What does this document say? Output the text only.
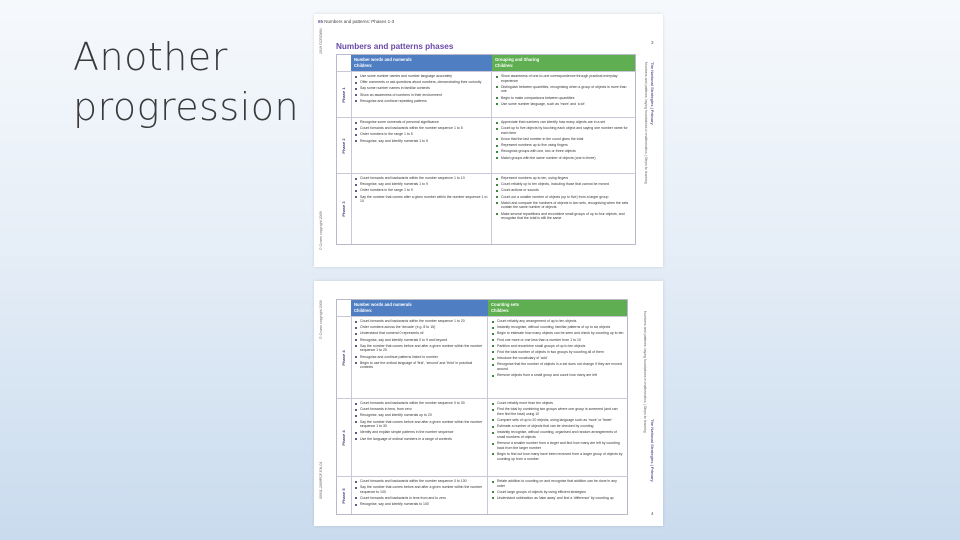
Another progression
65 Numbers and patterns: Phases 1-3
2019 ©CROWN
© Crown copyright 2009
The National Strategies | Primary
Numbers and patterns: laying foundations in mathematics | Steps to learning
3
Numbers and patterns phases
Number words and numerals
Children:
Grouping and Sharing
Children:
Phase 1
Use some number names and number language accurately
Offer comments or ask questions about numbers, demonstrating their curiosity
Say some number names in familiar contexts
Show an awareness of numbers in their environment
Recognise and continue repeating patterns
Show awareness of one-to-one correspondence through practical everyday experience
Distinguish between quantities, recognising when a group of objects is more than one
Begin to make comparisons between quantities
Use some number language, such as 'more' and 'a lot'
Phase 2
Recognise some numerals of personal significance
Count forwards and backwards within the number sequence 1 to 5
Order numbers in the range 1 to 5
Recognise, say and identify numerals 1 to 5
Appreciate that numbers can identify how many objects are in a set
Count up to five objects by touching each object and saying one number name for each item
Know that the last number in the count gives the total
Represent numbers up to five using fingers
Recognise groups with one, two or three objects
Match groups with the same number of objects (one to three)
Phase 3
Count forwards and backwards within the number sequence 1 to 10
Recognise, say and identify numerals 1 to 9
Order numbers in the range 1 to 9
Say the number that comes after a given number within the number sequence 1 to 10
Represent numbers up to ten, using fingers
Count reliably up to ten objects, including those that cannot be moved
Count actions or sounds
Count out a smaller number of objects (up to five) from a larger group
Match and compare the numbers of objects in two sets, recognising when the sets contain the same number of objects
Make several repartitions and recombine small groups of up to four objects, and recognise that the total is still the same
© Crown copyright 2009
00911-2009PDF-EN-01
Numbers and patterns: laying foundations in mathematics | Steps to learning
The National Strategies | Primary
4
Number words and numerals
Children:
Counting sets
Children:
Phase 4
Count forwards and backwards within the number sequence 1 to 20
Order numbers across the 'decade' (e.g. 8 to 15)
Understand that numeral 0 represents nil
Recognise, say and identify numerals 0 to 9 and beyond
Say the number that comes before and after a given number within the number sequence 1 to 20
Recognise and continue patterns linked to number
Begin to use the ordinal language of 'first', 'second' and 'third' in practical contexts
Count reliably any arrangement of up to ten objects
Instantly recognise, without counting, familiar patterns of up to six objects
Begin to estimate how many objects can be seen and check by counting up to ten
Find one more or one less than a number from 1 to 10
Partition and recombine small groups of up to ten objects
Find the total number of objects in two groups by counting all of them
Introduce the vocabulary of 'add'
Recognise that the number of objects in a set does not change if they are moved around
Remove objects from a small group and count how many are left
Phase 4
Count forwards and backwards within the number sequence 0 to 30
Count forwards in tens, from zero
Recognise, say and identify numerals up to 20
Say the number that comes before and after a given number within the number sequence 1 to 30
Identify and explain simple patterns in the number sequence
Use the language of ordinal numbers in a range of contexts
Count reliably more than ten objects
Find the total by combining two groups where one group is screened (and can then find the total) using 10
Compare sets of up to 20 objects, using language such as 'more' or 'fewer'
Estimate a number of objects that can be checked by counting
Instantly recognise, without counting, organised and random arrangements of small numbers of objects
Remove a smaller number from a larger and find how many are left by counting back from the larger number
Begin to find out how many have been removed from a larger group of objects by counting up from a number
Phase 5
Count forwards and backwards within the number sequence 0 to 100
Say the number that comes before and after a given number within the number sequence to 100
Count forwards and backwards in tens from and to zero
Recognise, say and identify numerals to 100
Relate addition to counting on and recognise that addition can be done in any order
Count large groups of objects by using efficient strategies
Understand subtraction as 'take away' and find a 'difference' by counting up
